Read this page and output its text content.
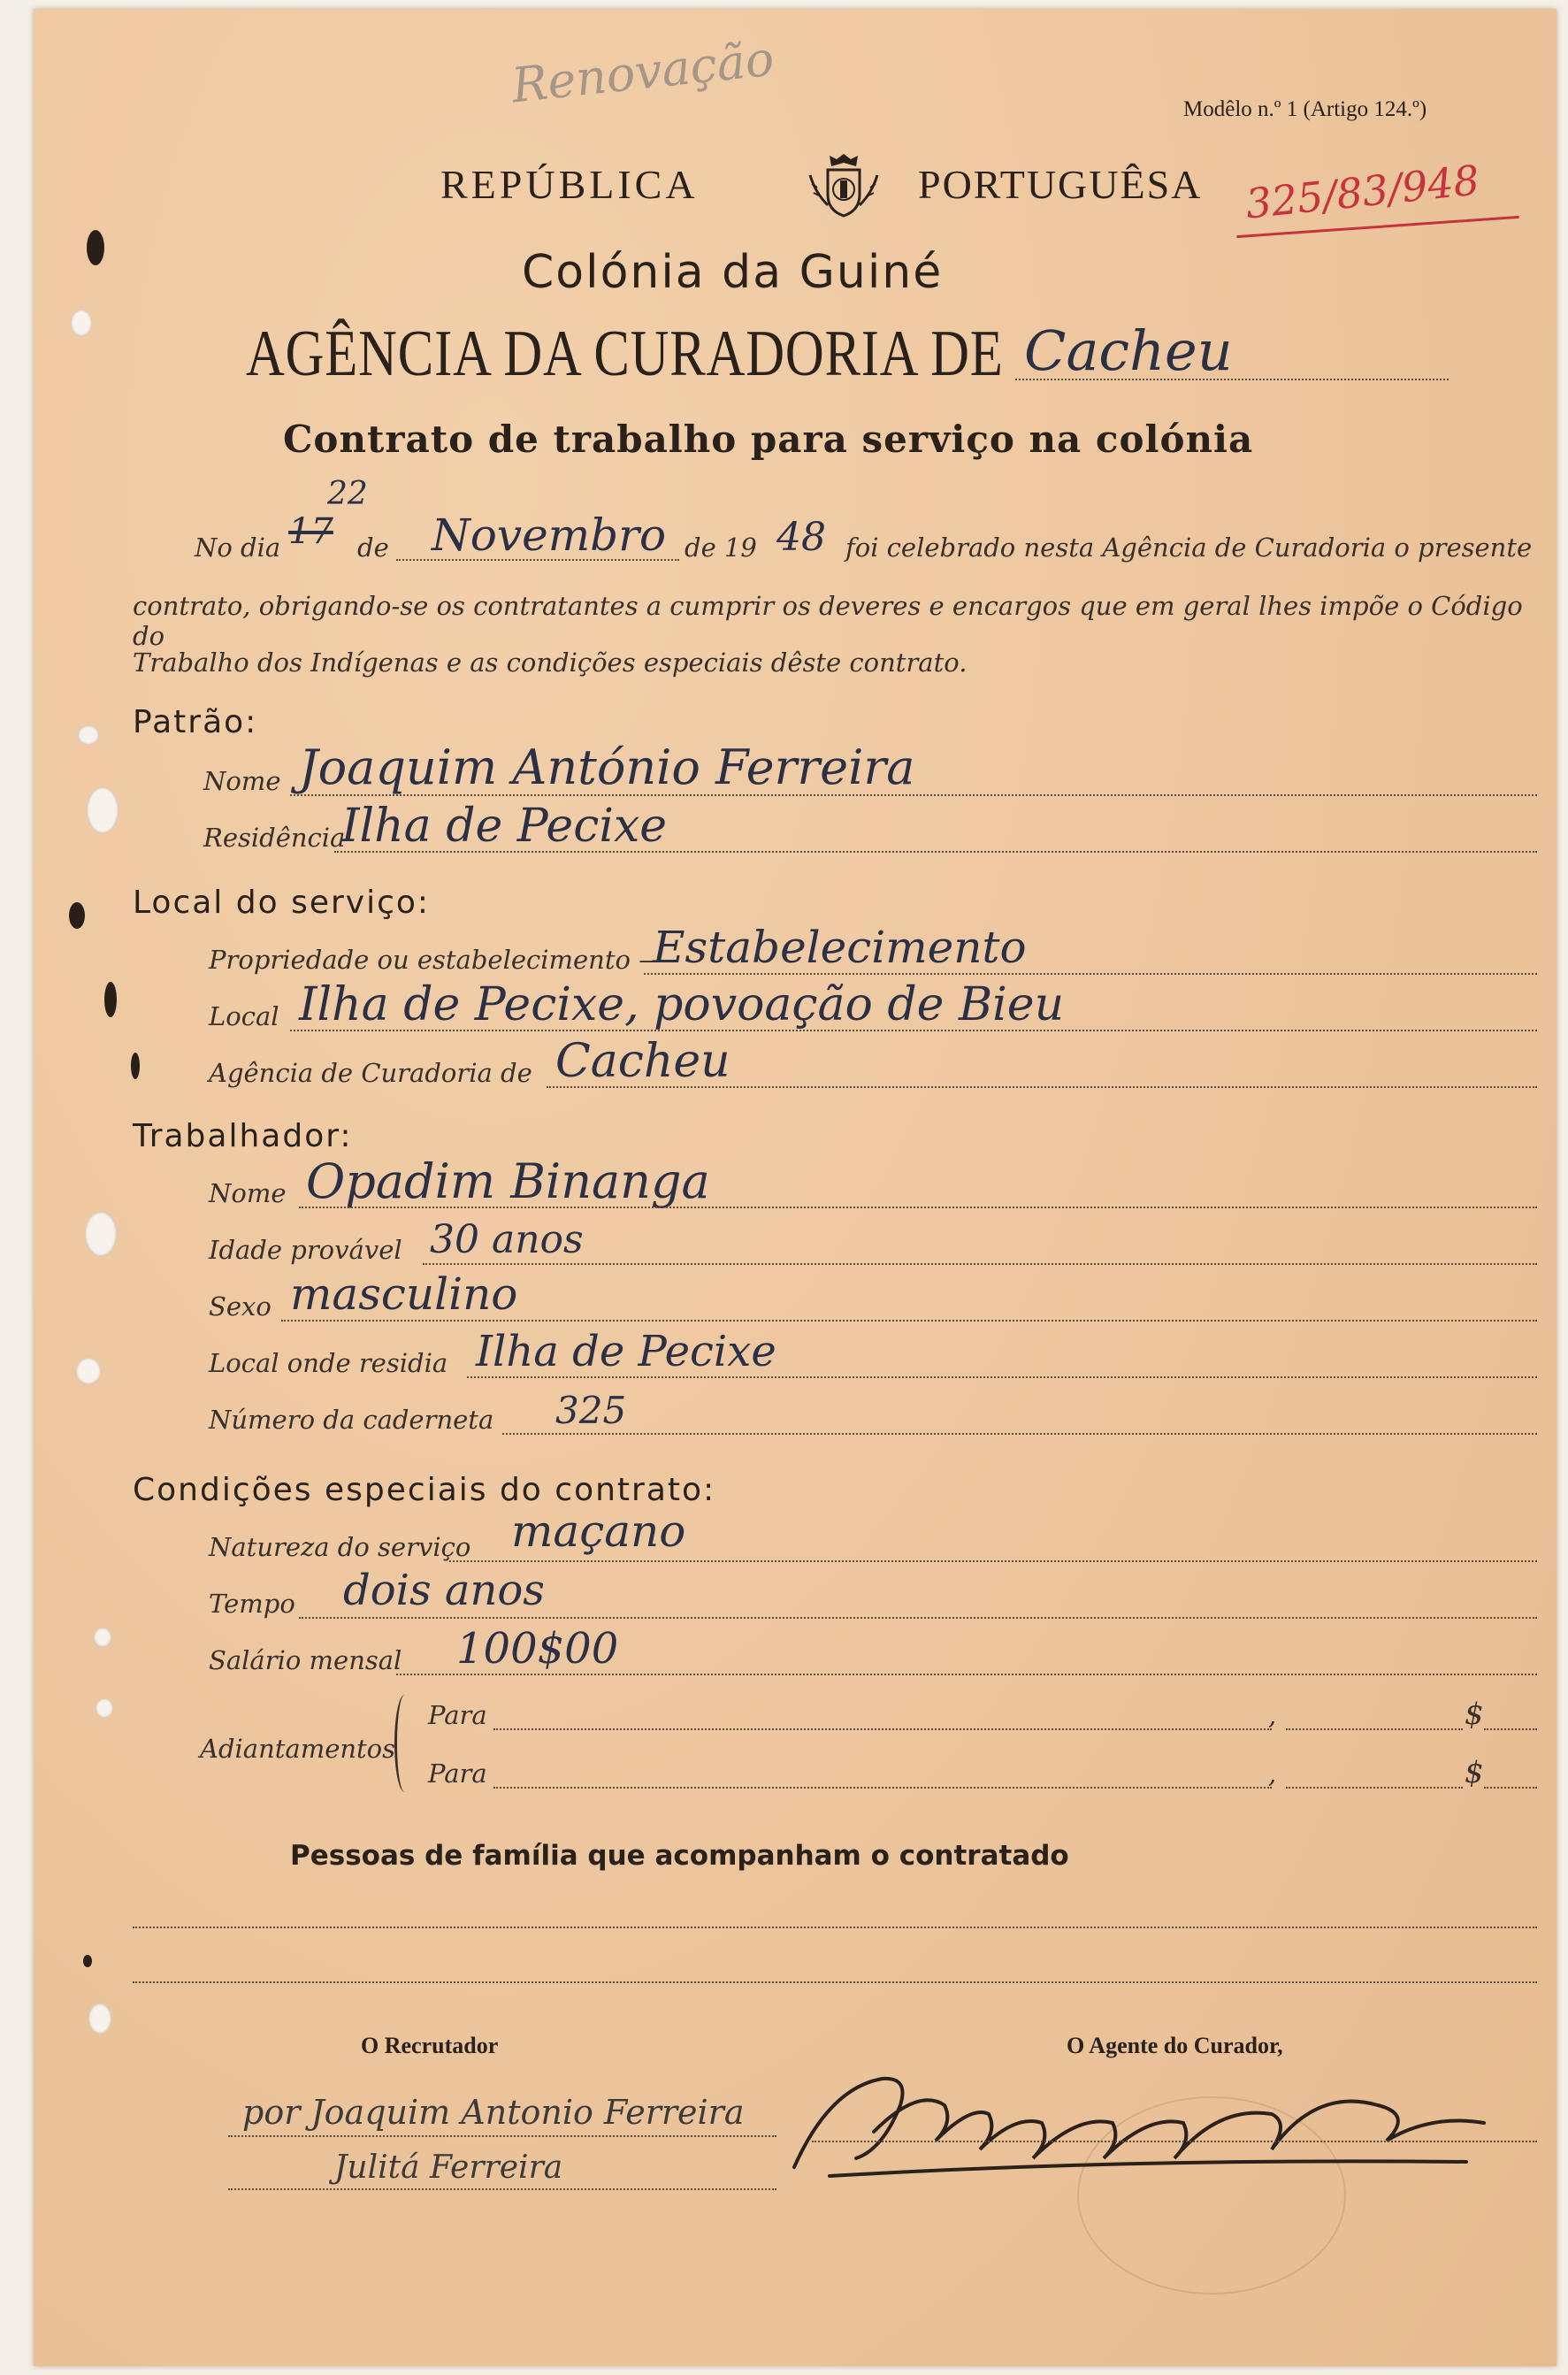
Renovação	Modêlo n.º 1 (Artigo 124.º)
325/83/948
REPÚBLICA	PORTUGUÊSA
Colónia da Guiné
AGÊNCIA DA CURADORIA DE Cacheu
Contrato de trabalho para serviço na colónia
No dia 17
22
de Novembro de 19 48 foi celebrado nesta Agência de Curadoria o presente
contrato, obrigando-se os contratantes a cumprir os deveres e encargos que em geral lhes impõe o Código do
Trabalho dos Indígenas e as condições especiais dêste contrato.
Patrão:
Nome Joaquim António Ferreira
Residência
Ilha de Pecixe
Local do serviço:
Propriedade ou estabelecimento —
Estabelecimento
Local Ilha de Pecixe, povoação de Bieu
Agência de Curadoria de Cacheu
Trabalhador:
Nome Opadim Binanga
Idade provável 30 anos
Sexo masculino
Local onde residia Ilha de Pecixe
Número da caderneta 325
Condições especiais do contrato:
Natureza do serviço maçano
Tempo dois anos
Salário mensal 100$00
Adiantamentos
Para	,	$
Para	,	$
Pessoas de família que acompanham o contratado
O Recrutador	O Agente do Curador,
por Joaquim Antonio Ferreira
Julitá Ferreira
